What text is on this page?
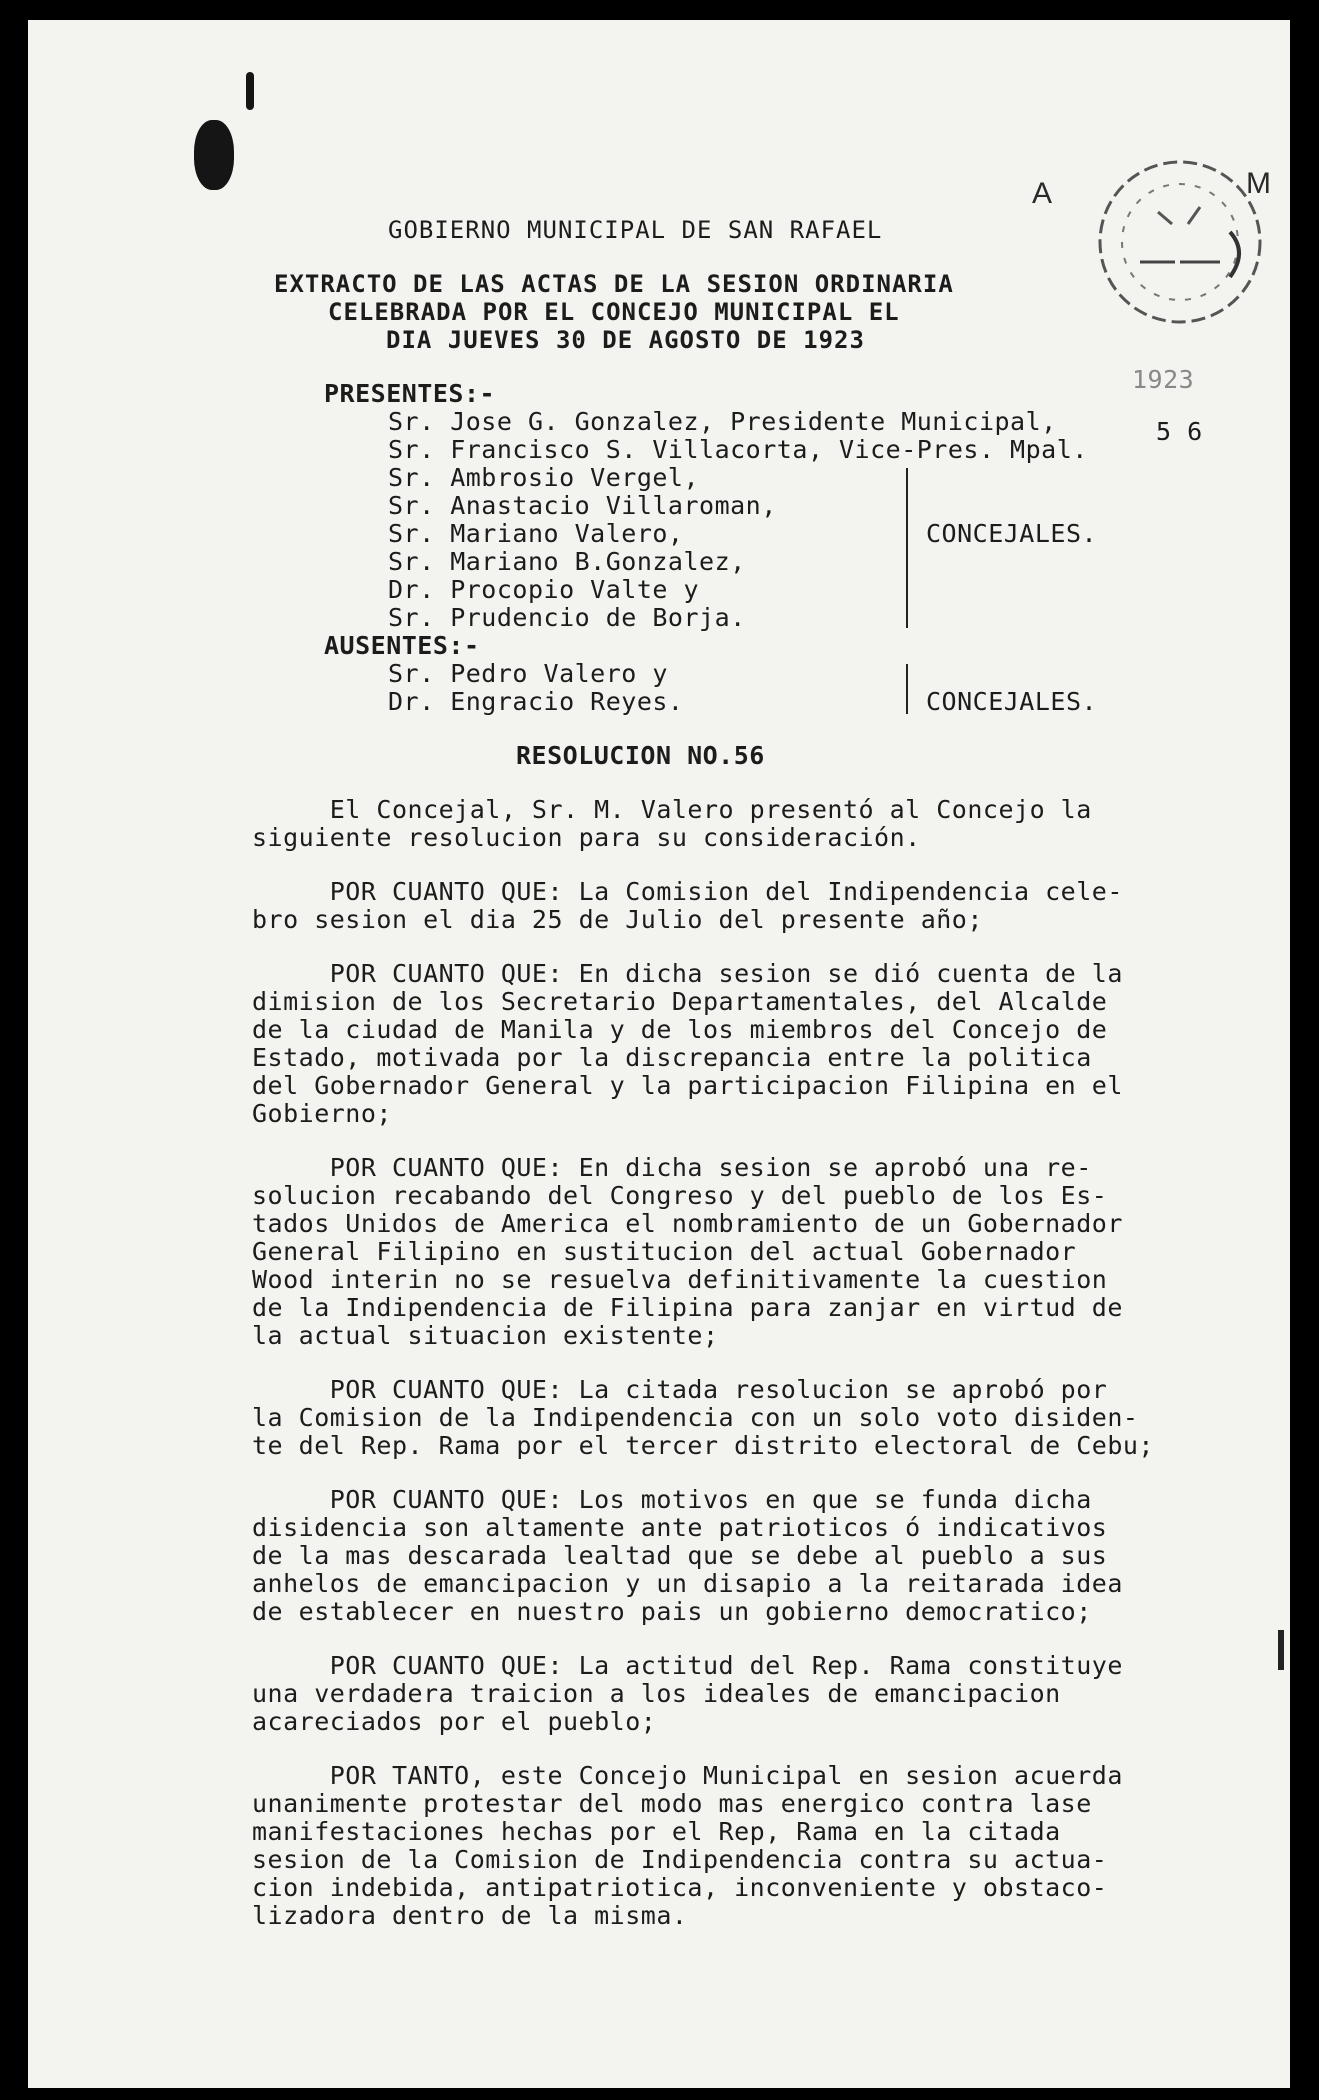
A	M
1923
5 6
GOBIERNO MUNICIPAL DE SAN RAFAEL
EXTRACTO DE LAS ACTAS DE LA SESION ORDINARIA
CELEBRADA POR EL CONCEJO MUNICIPAL EL
DIA JUEVES 30 DE AGOSTO DE 1923
PRESENTES:-
Sr. Jose G. Gonzalez, Presidente Municipal,
Sr. Francisco S. Villacorta, Vice-Pres. Mpal.
Sr. Ambrosio Vergel,
Sr. Anastacio Villaroman,
Sr. Mariano Valero,
Sr. Mariano B.Gonzalez,
Dr. Procopio Valte y
Sr. Prudencio de Borja.
CONCEJALES.
AUSENTES:-
Sr. Pedro Valero y
Dr. Engracio Reyes.	CONCEJALES.
RESOLUCION NO.56
El Concejal, Sr. M. Valero presentó al Concejo la
siguiente resolucion para su consideración.
POR CUANTO QUE: La Comision del Indipendencia cele-
bro sesion el dia 25 de Julio del presente año;
POR CUANTO QUE: En dicha sesion se dió cuenta de la
dimision de los Secretario Departamentales, del Alcalde
de la ciudad de Manila y de los miembros del Concejo de
Estado, motivada por la discrepancia entre la politica
del Gobernador General y la participacion Filipina en el
Gobierno;
POR CUANTO QUE: En dicha sesion se aprobó una re-
solucion recabando del Congreso y del pueblo de los Es-
tados Unidos de America el nombramiento de un Gobernador
General Filipino en sustitucion del actual Gobernador
Wood interin no se resuelva definitivamente la cuestion
de la Indipendencia de Filipina para zanjar en virtud de
la actual situacion existente;
POR CUANTO QUE: La citada resolucion se aprobó por
la Comision de la Indipendencia con un solo voto disiden-
te del Rep. Rama por el tercer distrito electoral de Cebu;
POR CUANTO QUE: Los motivos en que se funda dicha
disidencia son altamente ante patrioticos ó indicativos
de la mas descarada lealtad que se debe al pueblo a sus
anhelos de emancipacion y un disapio a la reitarada idea
de establecer en nuestro pais un gobierno democratico;
POR CUANTO QUE: La actitud del Rep. Rama constituye
una verdadera traicion a los ideales de emancipacion
acareciados por el pueblo;
POR TANTO, este Concejo Municipal en sesion acuerda
unanimente protestar del modo mas energico contra lase
manifestaciones hechas por el Rep, Rama en la citada
sesion de la Comision de Indipendencia contra su actua-
cion indebida, antipatriotica, inconveniente y obstaco-
lizadora dentro de la misma.
